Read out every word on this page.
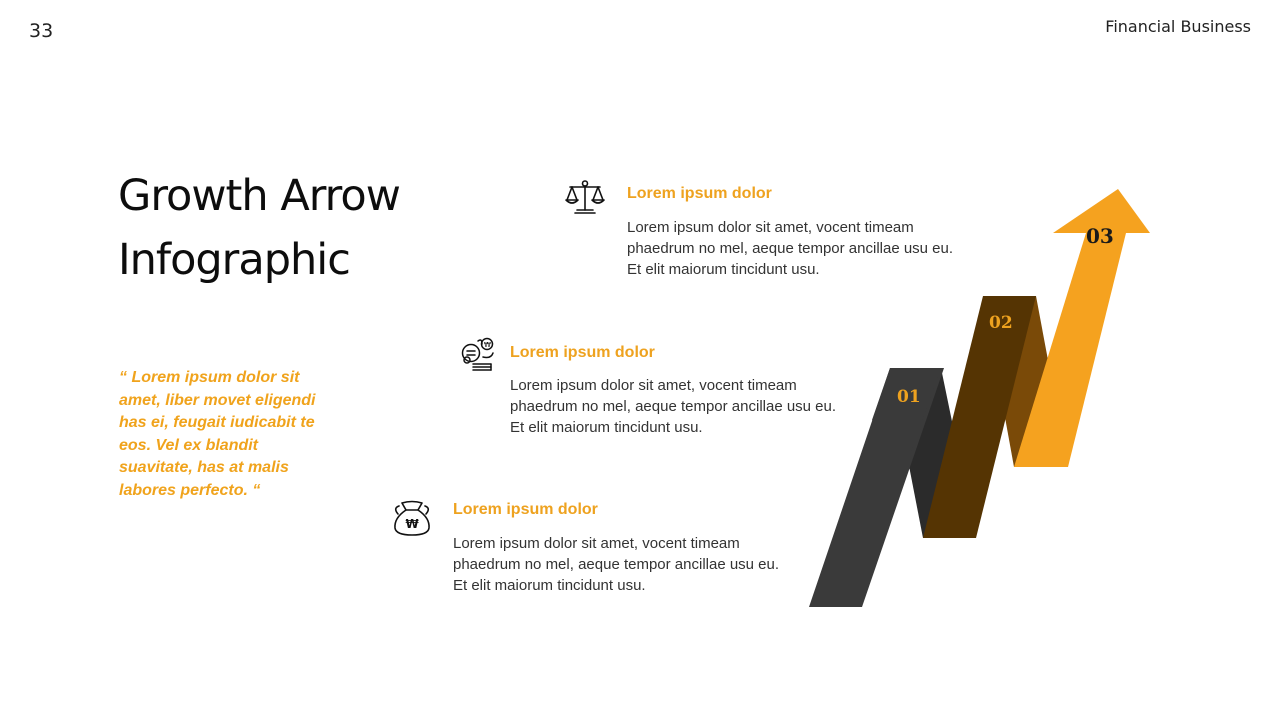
33	Financial Business
Growth Arrow
Infographic
“ Lorem ipsum dolor sit amet, liber movet eligendi has ei, feugait iudicabit te eos. Vel ex blandit suavitate, has at malis labores perfecto. “
Lorem ipsum dolor
Lorem ipsum dolor sit amet, vocent timeam phaedrum no mel, aeque tempor ancillae usu eu. Et elit maiorum tincidunt usu.
₩ Lorem ipsum dolor
Lorem ipsum dolor sit amet, vocent timeam phaedrum no mel, aeque tempor ancillae usu eu. Et elit maiorum tincidunt usu.
₩
Lorem ipsum dolor
Lorem ipsum dolor sit amet, vocent timeam phaedrum no mel, aeque tempor ancillae usu eu. Et elit maiorum tincidunt usu.
01
02
03
